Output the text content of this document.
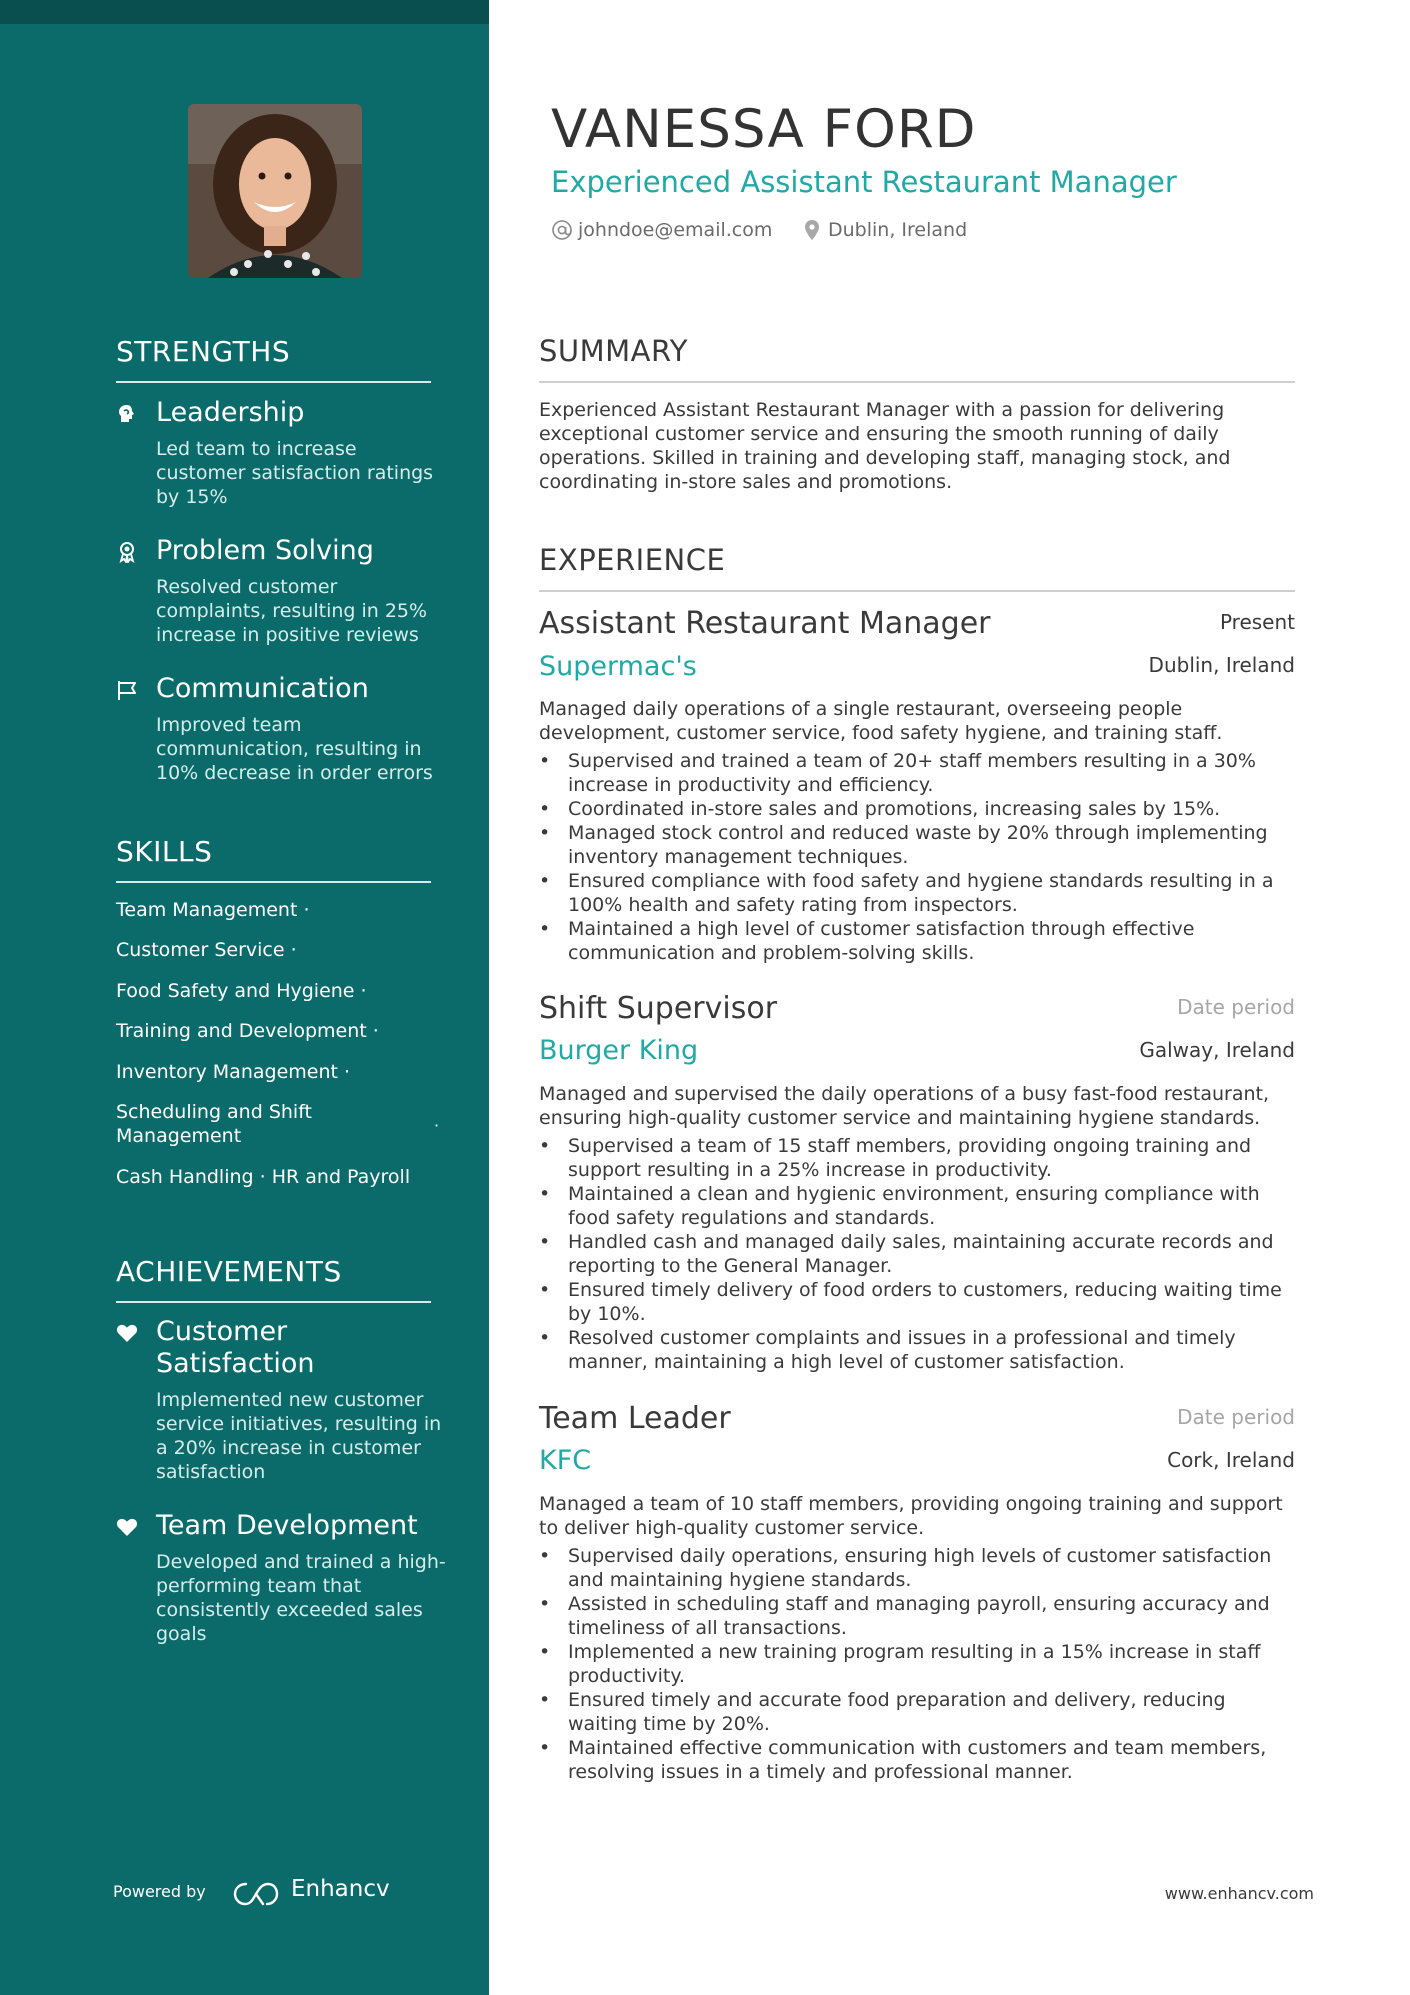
STRENGTHS
Leadership
Led team to increase customer satisfaction ratings by 15%
Problem Solving
Resolved customer complaints, resulting in 25% increase in positive reviews
Communication
Improved team communication, resulting in 10% decrease in order errors
SKILLS
Team Management ·
Customer Service ·
Food Safety and Hygiene ·
Training and Development ·
Inventory Management ·
Scheduling and Shift Management	·
Cash Handling · HR and Payroll
ACHIEVEMENTS
Customer Satisfaction
Implemented new customer service initiatives, resulting in a 20% increase in customer satisfaction
Team Development
Developed and trained a high-performing team that consistently exceeded sales goals
Powered by	Enhancv
VANESSA FORD
Experienced Assistant Restaurant Manager
johndoe@email.com	Dublin, Ireland
SUMMARY
Experienced Assistant Restaurant Manager with a passion for delivering exceptional customer service and ensuring the smooth running of daily operations. Skilled in training and developing staff, managing stock, and coordinating in-store sales and promotions.
EXPERIENCE
Assistant Restaurant Manager	Present
Supermac's	Dublin, Ireland
Managed daily operations of a single restaurant, overseeing people development, customer service, food safety hygiene, and training staff.
• Supervised and trained a team of 20+ staff members resulting in a 30% increase in productivity and efficiency.
• Coordinated in-store sales and promotions, increasing sales by 15%.
• Managed stock control and reduced waste by 20% through implementing inventory management techniques.
• Ensured compliance with food safety and hygiene standards resulting in a 100% health and safety rating from inspectors.
• Maintained a high level of customer satisfaction through effective communication and problem-solving skills.
Shift Supervisor	Date period
Burger King	Galway, Ireland
Managed and supervised the daily operations of a busy fast-food restaurant, ensuring high-quality customer service and maintaining hygiene standards.
• Supervised a team of 15 staff members, providing ongoing training and support resulting in a 25% increase in productivity.
• Maintained a clean and hygienic environment, ensuring compliance with food safety regulations and standards.
• Handled cash and managed daily sales, maintaining accurate records and reporting to the General Manager.
• Ensured timely delivery of food orders to customers, reducing waiting time by 10%.
• Resolved customer complaints and issues in a professional and timely manner, maintaining a high level of customer satisfaction.
Team Leader	Date period
KFC	Cork, Ireland
Managed a team of 10 staff members, providing ongoing training and support to deliver high-quality customer service.
• Supervised daily operations, ensuring high levels of customer satisfaction and maintaining hygiene standards.
• Assisted in scheduling staff and managing payroll, ensuring accuracy and timeliness of all transactions.
• Implemented a new training program resulting in a 15% increase in staff productivity.
• Ensured timely and accurate food preparation and delivery, reducing waiting time by 20%.
• Maintained effective communication with customers and team members, resolving issues in a timely and professional manner.
www.enhancv.com
